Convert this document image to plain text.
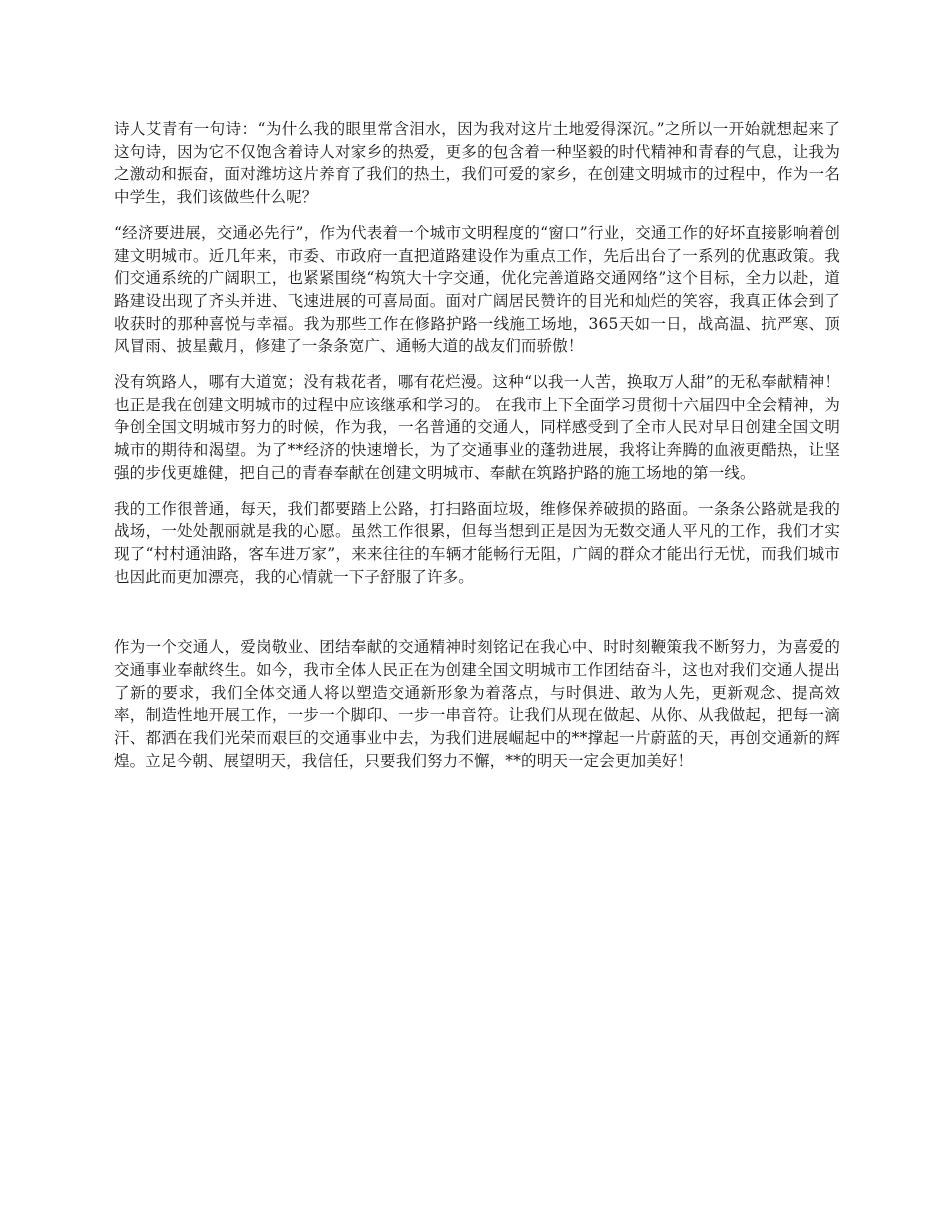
诗人艾青有一句诗：“为什么我的眼里常含泪水，因为我对这片土地爱得深沉。”之所以一开始就想起来了这句诗，因为它不仅饱含着诗人对家乡的热爱，更多的包含着一种坚毅的时代精神和青春的气息，让我为之激动和振奋，面对潍坊这片养育了我们的热土，我们可爱的家乡，在创建文明城市的过程中，作为一名中学生，我们该做些什么呢？

“经济要进展，交通必先行”，作为代表着一个城市文明程度的“窗口”行业，交通工作的好坏直接影响着创建文明城市。近几年来，市委、市政府一直把道路建设作为重点工作，先后出台了一系列的优惠政策。我们交通系统的广阔职工，也紧紧围绕“构筑大十字交通，优化完善道路交通网络”这个目标，全力以赴，道路建设出现了齐头并进、飞速进展的可喜局面。面对广阔居民赞许的目光和灿烂的笑容，我真正体会到了收获时的那种喜悦与幸福。我为那些工作在修路护路一线施工场地，365天如一日，战高温、抗严寒、顶风冒雨、披星戴月，修建了一条条宽广、通畅大道的战友们而骄傲！

没有筑路人，哪有大道宽；没有栽花者，哪有花烂漫。这种“以我一人苦，换取万人甜”的无私奉献精神！也正是我在创建文明城市的过程中应该继承和学习的。 在我市上下全面学习贯彻十六届四中全会精神，为争创全国文明城市努力的时候，作为我，一名普通的交通人，同样感受到了全市人民对早日创建全国文明城市的期待和渴望。为了**经济的快速增长，为了交通事业的蓬勃进展，我将让奔腾的血液更酷热，让坚强的步伐更雄健，把自己的青春奉献在创建文明城市、奉献在筑路护路的施工场地的第一线。

我的工作很普通，每天，我们都要踏上公路，打扫路面垃圾，维修保养破损的路面。一条条公路就是我的战场，一处处靓丽就是我的心愿。虽然工作很累，但每当想到正是因为无数交通人平凡的工作，我们才实现了“村村通油路，客车进万家”，来来往往的车辆才能畅行无阻，广阔的群众才能出行无忧，而我们城市也因此而更加漂亮，我的心情就一下子舒服了许多。

作为一个交通人，爱岗敬业、团结奉献的交通精神时刻铭记在我心中、时时刻鞭策我不断努力，为喜爱的交通事业奉献终生。如今，我市全体人民正在为创建全国文明城市工作团结奋斗，这也对我们交通人提出了新的要求，我们全体交通人将以塑造交通新形象为着落点，与时俱进、敢为人先，更新观念、提高效率，制造性地开展工作，一步一个脚印、一步一串音符。让我们从现在做起、从你、从我做起，把每一滴汗、都洒在我们光荣而艰巨的交通事业中去，为我们进展崛起中的**撑起一片蔚蓝的天，再创交通新的辉煌。立足今朝、展望明天，我信任，只要我们努力不懈，**的明天一定会更加美好！
